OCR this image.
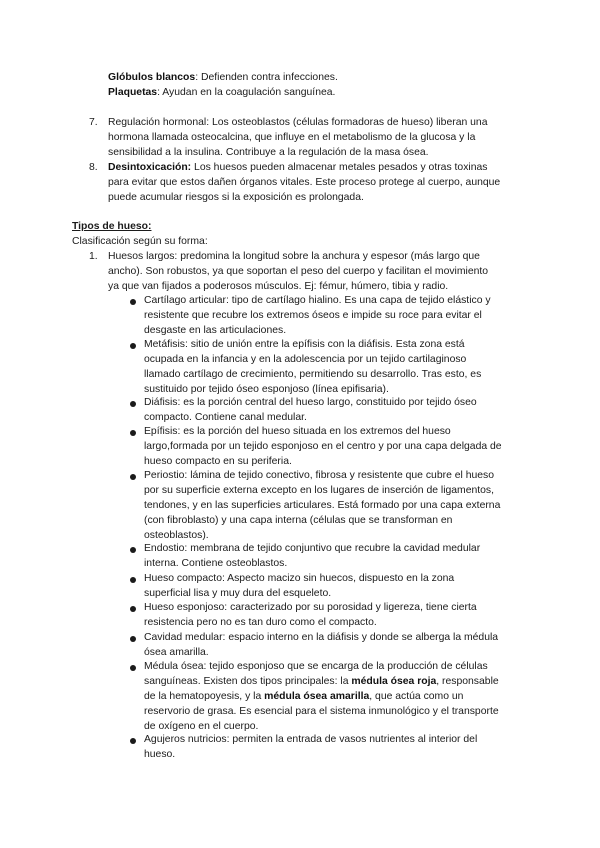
Glóbulos blancos: Defienden contra infecciones.
Plaquetas: Ayudan en la coagulación sanguínea.
7. Regulación hormonal: Los osteoblastos (células formadoras de hueso) liberan una
hormona llamada osteocalcina, que influye en el metabolismo de la glucosa y la
sensibilidad a la insulina. Contribuye a la regulación de la masa ósea.
8. Desintoxicación: Los huesos pueden almacenar metales pesados y otras toxinas
para evitar que estos dañen órganos vitales. Este proceso protege al cuerpo, aunque
puede acumular riesgos si la exposición es prolongada.
Tipos de hueso:
Clasificación según su forma:
1. Huesos largos: predomina la longitud sobre la anchura y espesor (más largo que
ancho). Son robustos, ya que soportan el peso del cuerpo y facilitan el movimiento
ya que van fijados a poderosos músculos. Ej: fémur, húmero, tibia y radio.
Cartílago articular: tipo de cartílago hialino. Es una capa de tejido elástico y
resistente que recubre los extremos óseos e impide su roce para evitar el
desgaste en las articulaciones.
Metáfisis: sitio de unión entre la epífisis con la diáfisis. Esta zona está
ocupada en la infancia y en la adolescencia por un tejido cartilaginoso
llamado cartílago de crecimiento, permitiendo su desarrollo. Tras esto, es
sustituido por tejido óseo esponjoso (línea epifisaria).
Diáfisis: es la porción central del hueso largo, constituido por tejido óseo
compacto. Contiene canal medular.
Epífisis: es la porción del hueso situada en los extremos del hueso
largo,formada por un tejido esponjoso en el centro y por una capa delgada de
hueso compacto en su periferia.
Periostio: lámina de tejido conectivo, fibrosa y resistente que cubre el hueso
por su superficie externa excepto en los lugares de inserción de ligamentos,
tendones, y en las superficies articulares. Está formado por una capa externa
(con fibroblasto) y una capa interna (células que se transforman en
osteoblastos).
Endostio: membrana de tejido conjuntivo que recubre la cavidad medular
interna. Contiene osteoblastos.
Hueso compacto: Aspecto macizo sin huecos, dispuesto en la zona
superficial lisa y muy dura del esqueleto.
Hueso esponjoso: caracterizado por su porosidad y ligereza, tiene cierta
resistencia pero no es tan duro como el compacto.
Cavidad medular: espacio interno en la diáfisis y donde se alberga la médula
ósea amarilla.
Médula ósea: tejido esponjoso que se encarga de la producción de células
sanguíneas. Existen dos tipos principales: la médula ósea roja, responsable
de la hematopoyesis, y la médula ósea amarilla, que actúa como un
reservorio de grasa. Es esencial para el sistema inmunológico y el transporte
de oxígeno en el cuerpo.
Agujeros nutricios: permiten la entrada de vasos nutrientes al interior del
hueso.
